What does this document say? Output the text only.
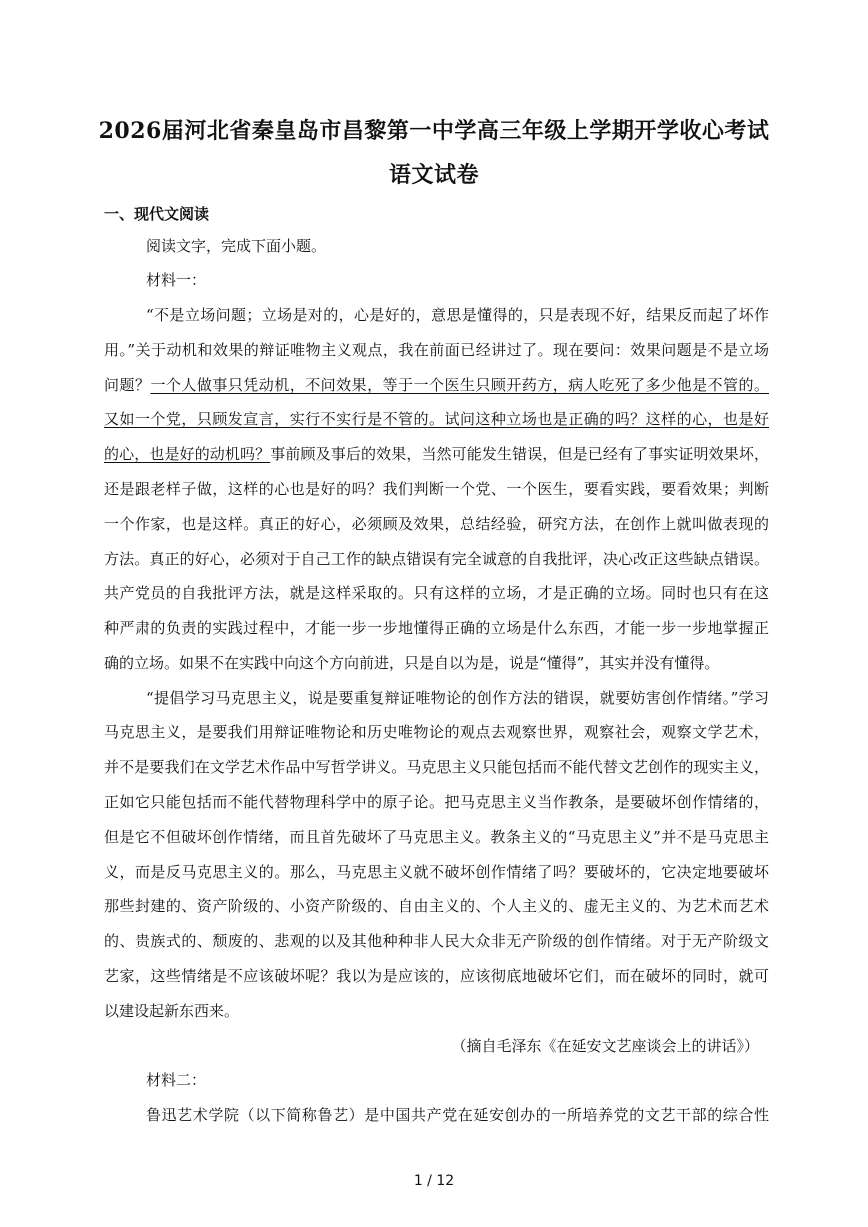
2026届河北省秦皇岛市昌黎第一中学高三年级上学期开学收心考试
语文试卷
一、现代文阅读
阅读文字，完成下面小题。
材料一：
“不是立场问题；立场是对的，心是好的，意思是懂得的，只是表现不好，结果反而起了坏作
用。”关于动机和效果的辩证唯物主义观点，我在前面已经讲过了。现在要问：效果问题是不是立场
问题？一个人做事只凭动机，不问效果，等于一个医生只顾开药方，病人吃死了多少他是不管的。
又如一个党，只顾发宣言，实行不实行是不管的。试问这种立场也是正确的吗？这样的心，也是好
的心，也是好的动机吗？事前顾及事后的效果，当然可能发生错误，但是已经有了事实证明效果坏，
还是跟老样子做，这样的心也是好的吗？我们判断一个党、一个医生，要看实践，要看效果；判断
一个作家，也是这样。真正的好心，必须顾及效果，总结经验，研究方法，在创作上就叫做表现的
方法。真正的好心，必须对于自己工作的缺点错误有完全诚意的自我批评，决心改正这些缺点错误。
共产党员的自我批评方法，就是这样采取的。只有这样的立场，才是正确的立场。同时也只有在这
种严肃的负责的实践过程中，才能一步一步地懂得正确的立场是什么东西，才能一步一步地掌握正
确的立场。如果不在实践中向这个方向前进，只是自以为是，说是“懂得”，其实并没有懂得。
“提倡学习马克思主义，说是要重复辩证唯物论的创作方法的错误，就要妨害创作情绪。”学习
马克思主义，是要我们用辩证唯物论和历史唯物论的观点去观察世界，观察社会，观察文学艺术，
并不是要我们在文学艺术作品中写哲学讲义。马克思主义只能包括而不能代替文艺创作的现实主义，
正如它只能包括而不能代替物理科学中的原子论。把马克思主义当作教条，是要破坏创作情绪的，
但是它不但破坏创作情绪，而且首先破坏了马克思主义。教条主义的“马克思主义”并不是马克思主
义，而是反马克思主义的。那么，马克思主义就不破坏创作情绪了吗？要破坏的，它决定地要破坏
那些封建的、资产阶级的、小资产阶级的、自由主义的、个人主义的、虚无主义的、为艺术而艺术
的、贵族式的、颓废的、悲观的以及其他种种非人民大众非无产阶级的创作情绪。对于无产阶级文
艺家，这些情绪是不应该破坏呢？我以为是应该的，应该彻底地破坏它们，而在破坏的同时，就可
以建设起新东西来。
（摘自毛泽东《在延安文艺座谈会上的讲话》）
材料二：
鲁迅艺术学院（以下简称鲁艺）是中国共产党在延安创办的一所培养党的文艺干部的综合性
1 / 12
